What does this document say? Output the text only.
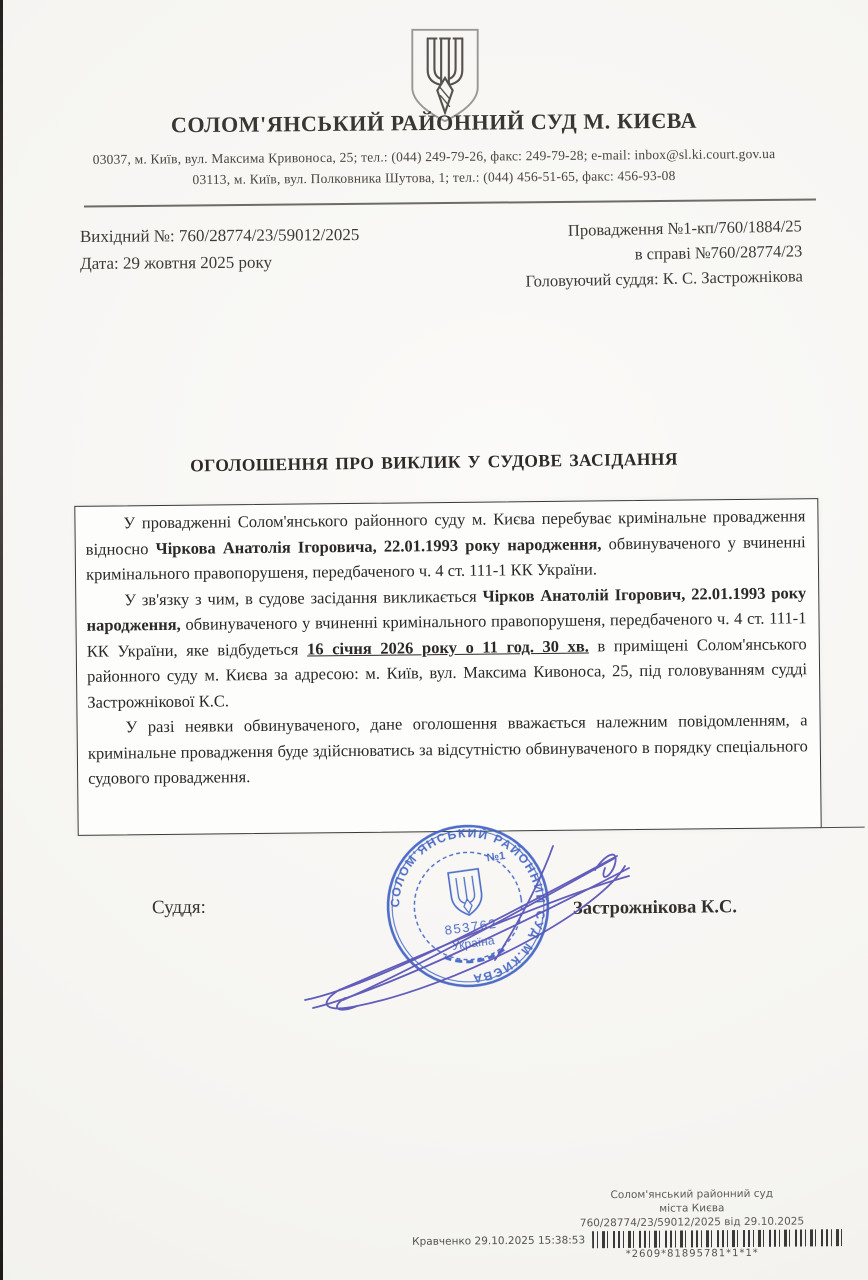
СОЛОМ'ЯНСЬКИЙ РАЙОННИЙ СУД М. КИЄВА
03037, м. Київ, вул. Максима Кривоноса, 25; тел.: (044) 249-79-26, факс: 249-79-28; e-mail: inbox@sl.ki.court.gov.ua
03113, м. Київ, вул. Полковника Шутова, 1; тел.: (044) 456-51-65, факс: 456-93-08
Вихідний №: 760/28774/23/59012/2025
Дата: 29 жовтня 2025 року
Провадження №1-кп/760/1884/25
в справі №760/28774/23
Головуючий суддя: К. С. Застрожнікова
ОГОЛОШЕННЯ ПРО ВИКЛИК У СУДОВЕ ЗАСІДАННЯ

У провадженні Солом'янського районного суду м. Києва перебуває кримінальне провадження відносно Чіркова Анатолія Ігоровича, 22.01.1993 року народження, обвинуваченого у вчиненні кримінального правопорушеня, передбаченого ч. 4 ст. 111-1 КК України.

У зв'язку з чим, в судове засідання викликається Чірков Анатолій Ігорович, 22.01.1993 року народження, обвинуваченого у вчиненні кримінального правопорушеня, передбаченого ч. 4 ст. 111-1 КК України, яке відбудеться 16 січня 2026 року о 11 год. 30 хв. в приміщені Солом'янського районного суду м. Києва за адресою: м. Київ, вул. Максима Кивоноса, 25, під головуванням судді Застрожнікової К.С.

У разі неявки обвинуваченого, дане оголошення вважається належним повідомленням, а кримінальне провадження буде здійснюватись за відсутністю обвинуваченого в порядку спеціального судового провадження.

Суддя:	Застрожнікова К.С.
СОЛОМ'ЯНСЬКИЙ РАЙОННИЙ СУД М.КИЄВА
№1
853762
Україна
Солом'янський районний суд
міста Києва
760/28774/23/59012/2025 від 29.10.2025
Кравченко 29.10.2025 15:38:53
*2609*81895781*1*1*
